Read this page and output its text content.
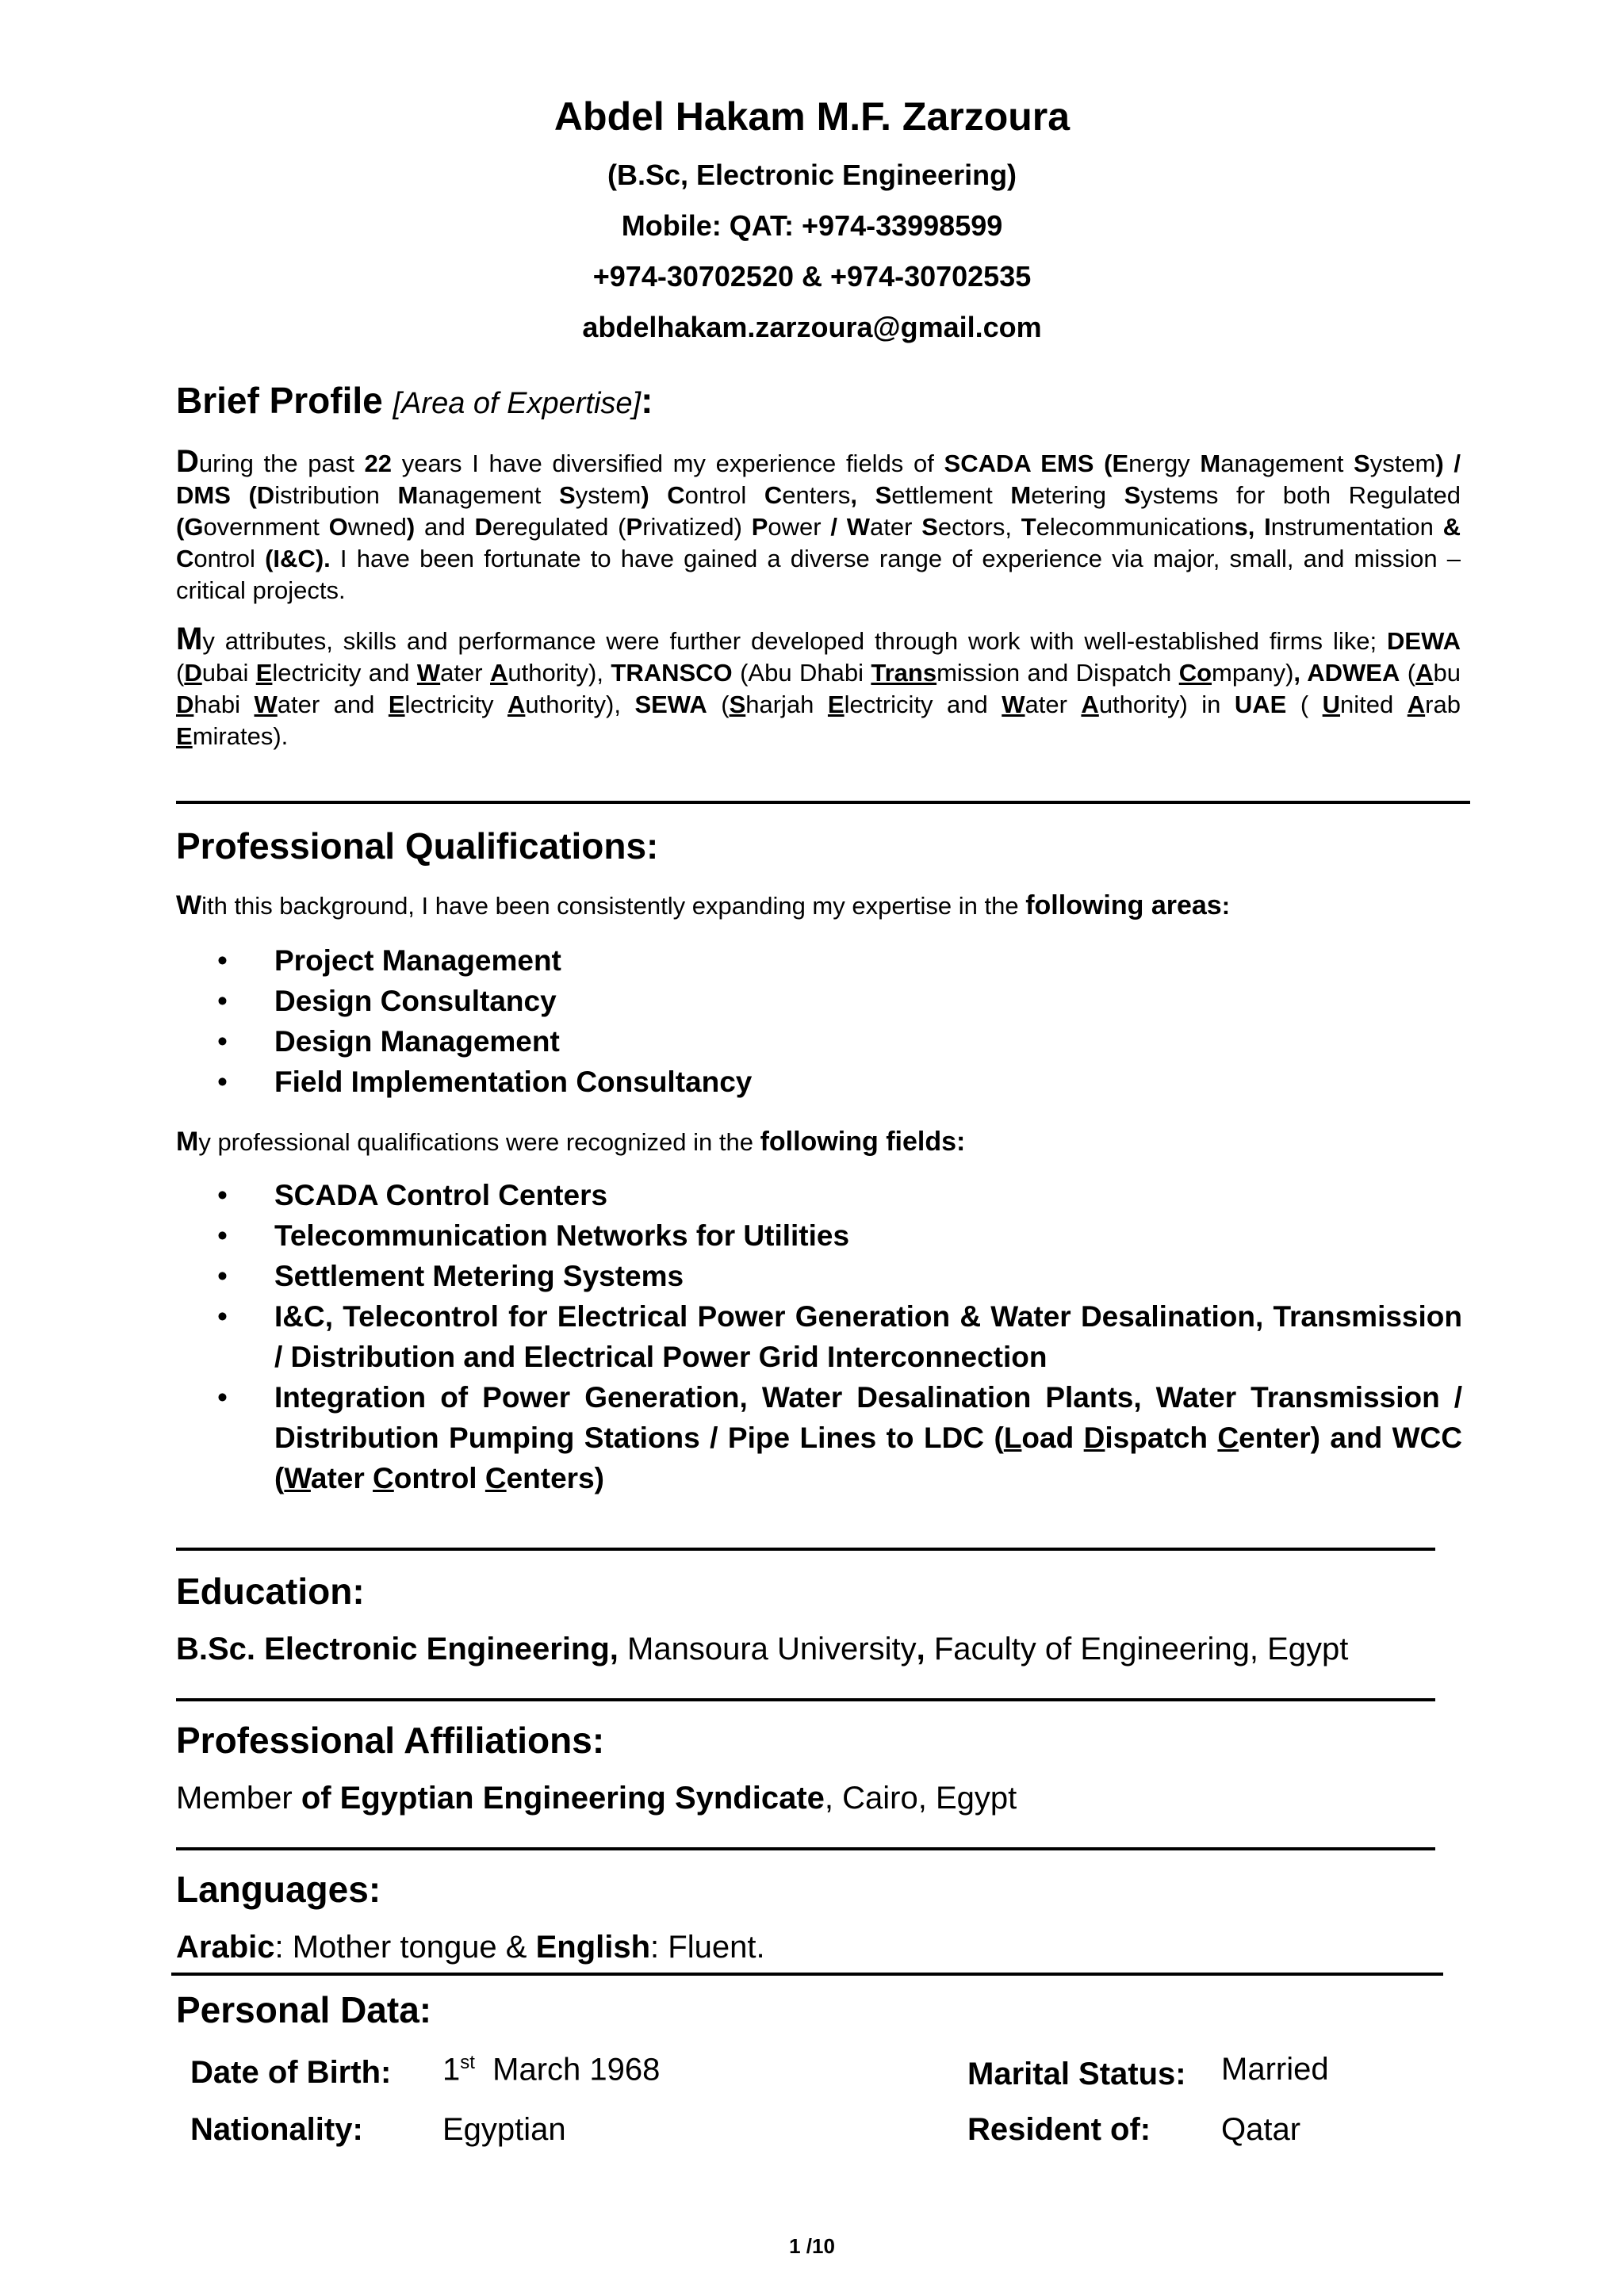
Abdel Hakam M.F. Zarzoura
(B.Sc, Electronic Engineering)
Mobile: QAT: +974-33998599
+974-30702520 & +974-30702535
abdelhakam.zarzoura@gmail.com
Brief Profile [Area of Expertise]:

During the past 22 years I have diversified my experience fields of SCADA EMS (Energy Management System) / DMS (Distribution Management System) Control Centers, Settlement Metering Systems for both Regulated (Government Owned) and Deregulated (Privatized) Power / Water Sectors, Telecommunications, Instrumentation & Control (I&C). I have been fortunate to have gained a diverse range of experience via major, small, and mission – critical projects.

My attributes, skills and performance were further developed through work with well-established firms like; DEWA (Dubai Electricity and Water Authority), TRANSCO (Abu Dhabi Transmission and Dispatch Company), ADWEA (Abu Dhabi Water and Electricity Authority), SEWA (Sharjah Electricity and Water Authority) in UAE ( United Arab Emirates).

Professional Qualifications:

With this background, I have been consistently expanding my expertise in the following areas:

• Project Management
• Design Consultancy
• Design Management
• Field Implementation Consultancy

My professional qualifications were recognized in the following fields:

• SCADA Control Centers
• Telecommunication Networks for Utilities
• Settlement Metering Systems
• I&C, Telecontrol for Electrical Power Generation & Water Desalination, Transmission / Distribution and Electrical Power Grid Interconnection
• Integration of Power Generation, Water Desalination Plants, Water Transmission / Distribution Pumping Stations / Pipe Lines to LDC (Load Dispatch Center) and WCC (Water Control Centers)
Education:

B.Sc. Electronic Engineering, Mansoura University, Faculty of Engineering, Egypt

Professional Affiliations:

Member of Egyptian Engineering Syndicate, Cairo, Egypt

Languages:

Arabic: Mother tongue & English: Fluent.

Personal Data:
Date of Birth: 1st  March 1968	Marital Status: Married
Nationality:	Egyptian	Resident of: Qatar
1 /10
